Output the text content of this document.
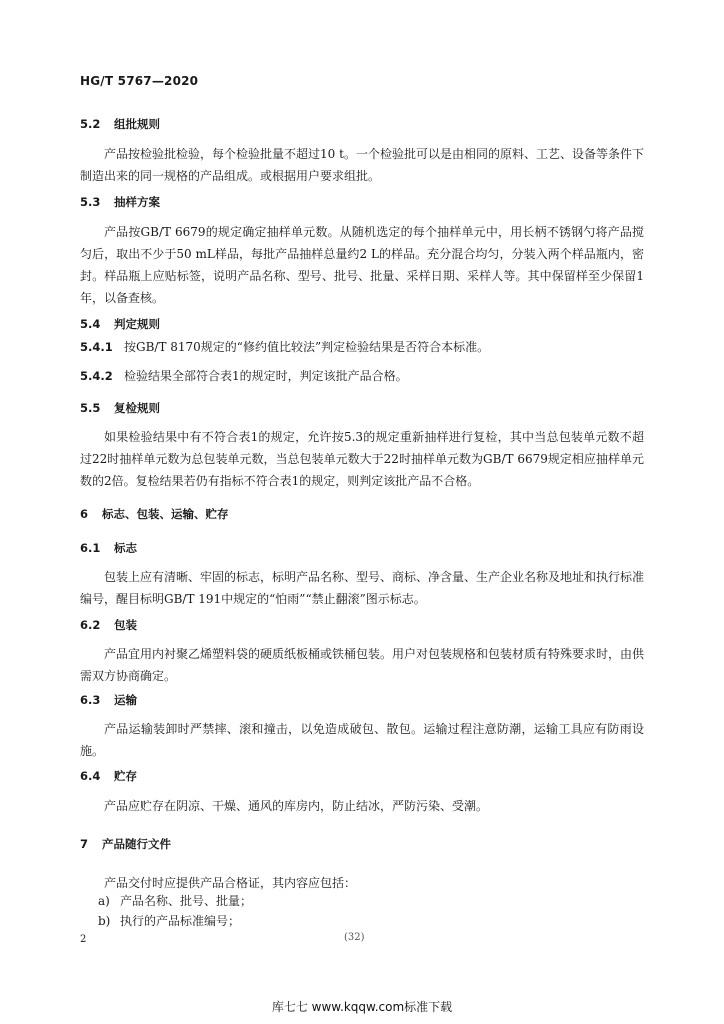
HG/T 5767—2020
5.2 组批规则
产品按检验批检验，每个检验批量不超过10 t。一个检验批可以是由相同的原料、工艺、设备等条件下制造出来的同一规格的产品组成。或根据用户要求组批。
5.3 抽样方案
产品按GB/T 6679的规定确定抽样单元数。从随机选定的每个抽样单元中，用长柄不锈钢勺将产品搅匀后，取出不少于50 mL样品，每批产品抽样总量约2 L的样品。充分混合均匀，分装入两个样品瓶内，密封。样品瓶上应贴标签，说明产品名称、型号、批号、批量、采样日期、采样人等。其中保留样至少保留1年，以备查核。
5.4 判定规则
5.4.1 按GB/T 8170规定的“修约值比较法”判定检验结果是否符合本标准。
5.4.2 检验结果全部符合表1的规定时，判定该批产品合格。
5.5 复检规则
如果检验结果中有不符合表1的规定，允许按5.3的规定重新抽样进行复检，其中当总包装单元数不超过22时抽样单元数为总包装单元数，当总包装单元数大于22时抽样单元数为GB/T 6679规定相应抽样单元数的2倍。复检结果若仍有指标不符合表1的规定，则判定该批产品不合格。
6 标志、包装、运输、贮存
6.1 标志
包装上应有清晰、牢固的标志，标明产品名称、型号、商标、净含量、生产企业名称及地址和执行标准编号，醒目标明GB/T 191中规定的“怕雨”“禁止翻滚”图示标志。
6.2 包装
产品宜用内衬聚乙烯塑料袋的硬质纸板桶或铁桶包装。用户对包装规格和包装材质有特殊要求时，由供需双方协商确定。
6.3 运输
产品运输装卸时严禁摔、滚和撞击，以免造成破包、散包。运输过程注意防潮，运输工具应有防雨设施。
6.4 贮存
产品应贮存在阴凉、干燥、通风的库房内，防止结冰，严防污染、受潮。
7 产品随行文件
产品交付时应提供产品合格证，其内容应包括：
a) 产品名称、批号、批量；
b) 执行的产品标准编号；
2	(32)
库七七 www.kqqw.com标准下载
